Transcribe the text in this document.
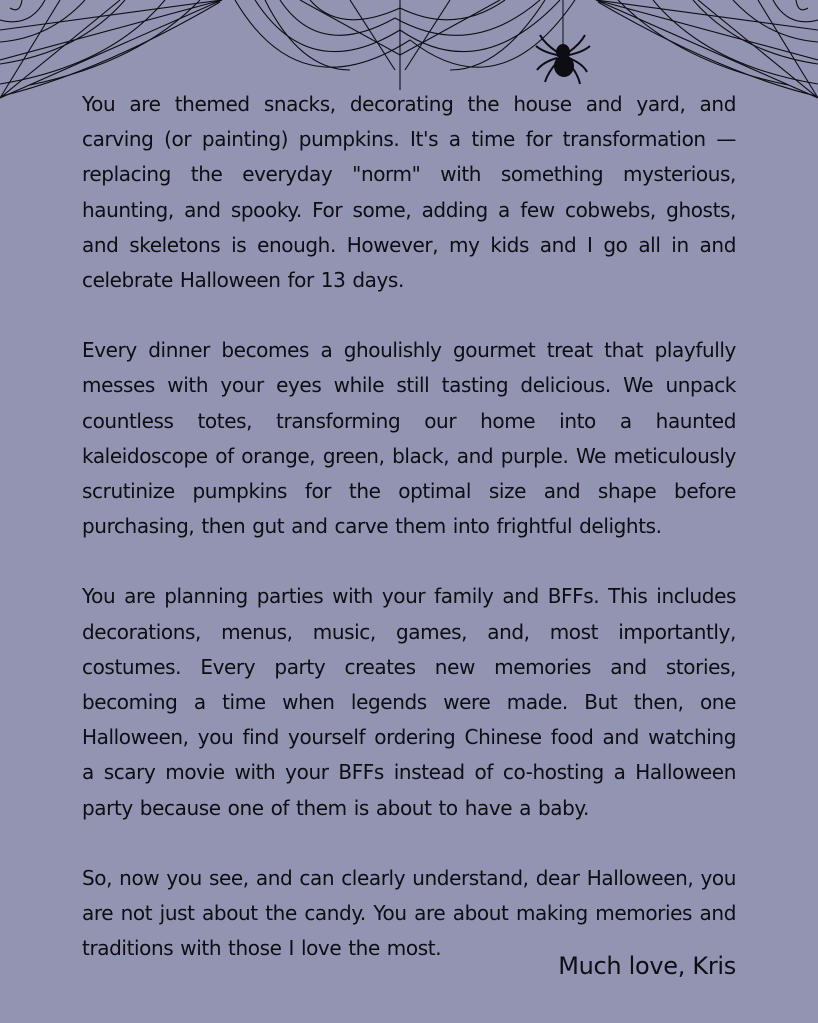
You are themed snacks, decorating the house and yard, and carving (or painting) pumpkins. It's a time for transformation — replacing the everyday "norm" with something mysterious, haunting, and spooky. For some, adding a few cobwebs, ghosts, and skeletons is enough. However, my kids and I go all in and celebrate Halloween for 13 days.

Every dinner becomes a ghoulishly gourmet treat that playfully messes with your eyes while still tasting delicious. We unpack countless totes, transforming our home into a haunted kaleidoscope of orange, green, black, and purple. We meticulously scrutinize pumpkins for the optimal size and shape before purchasing, then gut and carve them into frightful delights.

You are planning parties with your family and BFFs. This includes decorations, menus, music, games, and, most importantly, costumes. Every party creates new memories and stories, becoming a time when legends were made. But then, one Halloween, you find yourself ordering Chinese food and watching a scary movie with your BFFs instead of co-hosting a Halloween party because one of them is about to have a baby.

So, now you see, and can clearly understand, dear Halloween, you are not just about the candy. You are about making memories and traditions with those I love the most.

Much love, Kris
